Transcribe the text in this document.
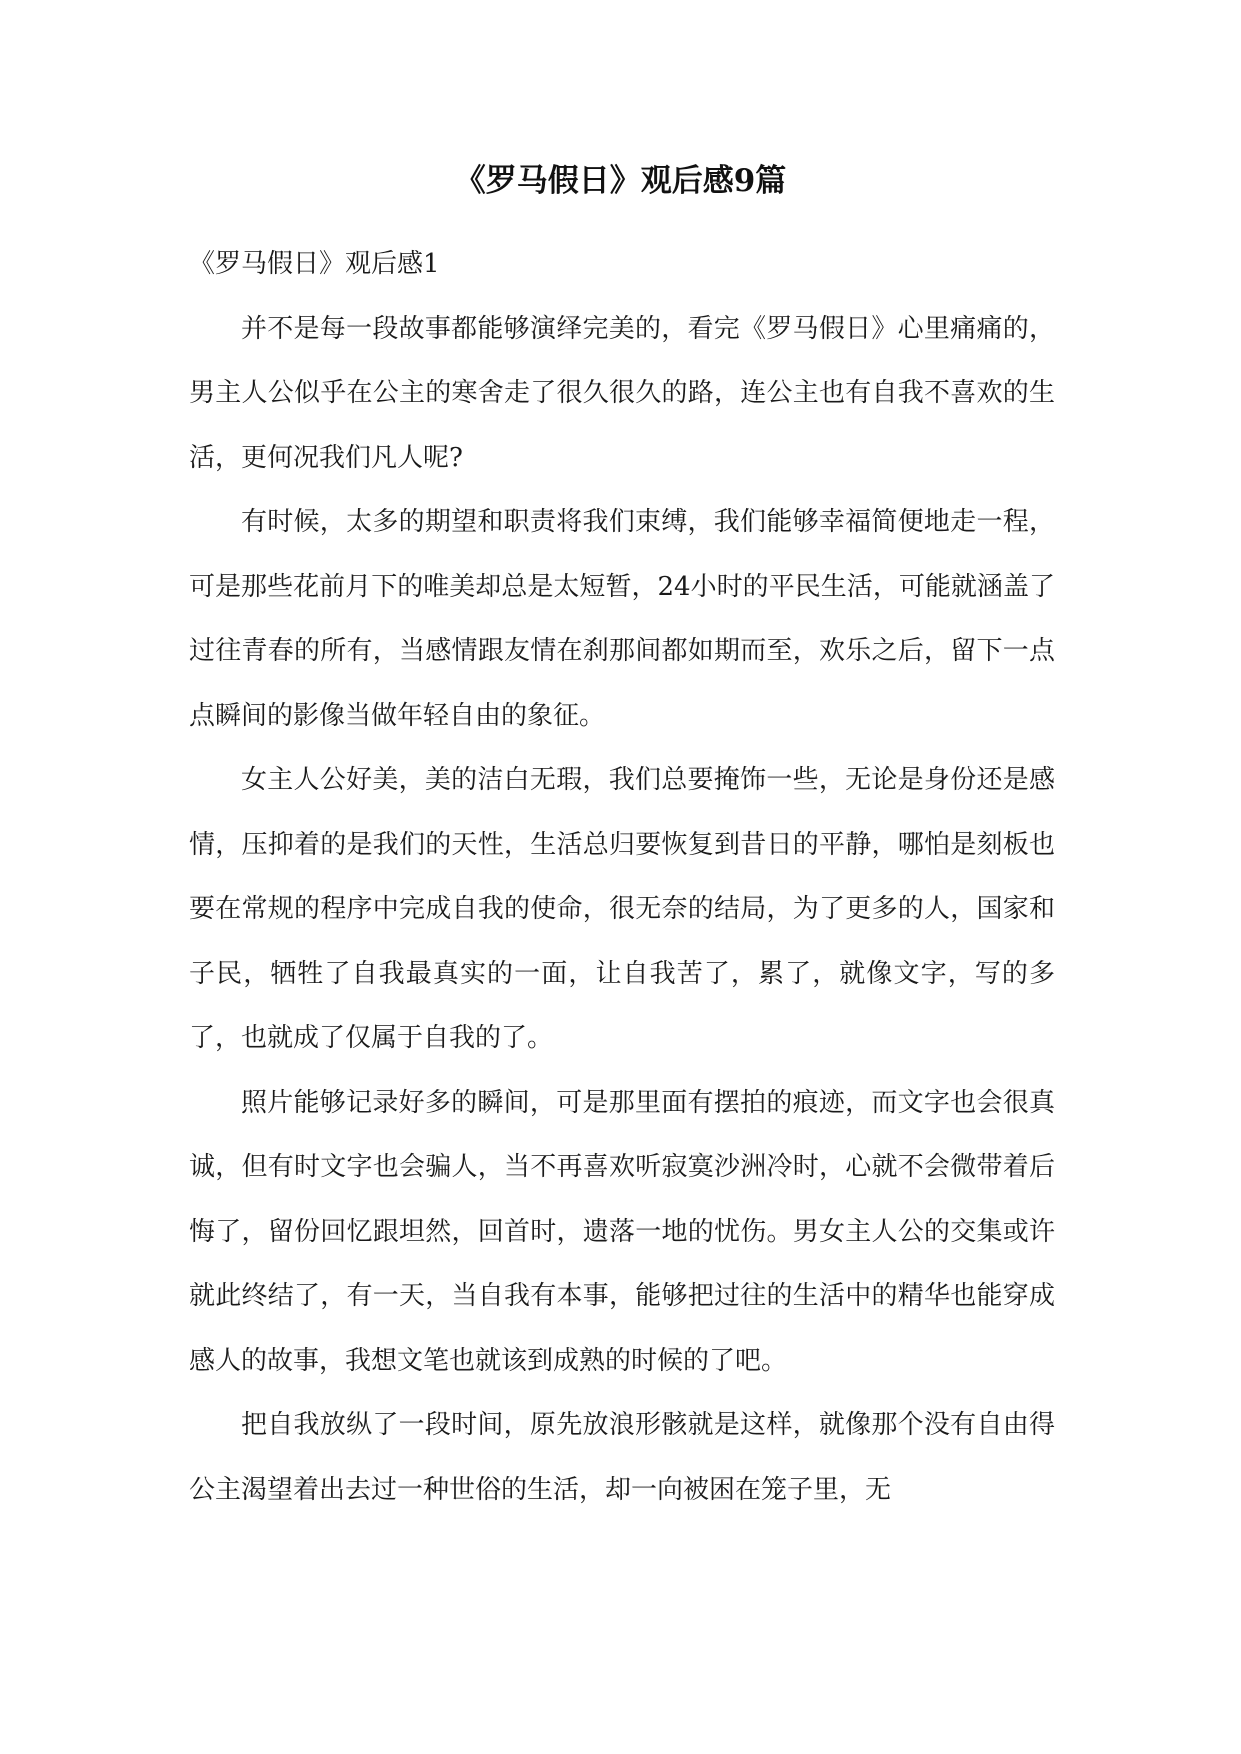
《罗马假日》观后感9篇

《罗马假日》观后感1

并不是每一段故事都能够演绎完美的，看完《罗马假日》心里痛痛的，男主人公似乎在公主的寒舍走了很久很久的路，连公主也有自我不喜欢的生活，更何况我们凡人呢?

有时候，太多的期望和职责将我们束缚，我们能够幸福简便地走一程，可是那些花前月下的唯美却总是太短暂，24小时的平民生活，可能就涵盖了过往青春的所有，当感情跟友情在刹那间都如期而至，欢乐之后，留下一点点瞬间的影像当做年轻自由的象征。

女主人公好美，美的洁白无瑕，我们总要掩饰一些，无论是身份还是感情，压抑着的是我们的天性，生活总归要恢复到昔日的平静，哪怕是刻板也要在常规的程序中完成自我的使命，很无奈的结局，为了更多的人，国家和子民，牺牲了自我最真实的一面，让自我苦了，累了，就像文字，写的多了，也就成了仅属于自我的了。

照片能够记录好多的瞬间，可是那里面有摆拍的痕迹，而文字也会很真诚，但有时文字也会骗人，当不再喜欢听寂寞沙洲冷时，心就不会微带着后悔了，留份回忆跟坦然，回首时，遗落一地的忧伤。男女主人公的交集或许就此终结了，有一天，当自我有本事，能够把过往的生活中的精华也能穿成感人的故事，我想文笔也就该到成熟的时候的了吧。

把自我放纵了一段时间，原先放浪形骸就是这样，就像那个没有自由得公主渴望着出去过一种世俗的生活，却一向被困在笼子里，无
